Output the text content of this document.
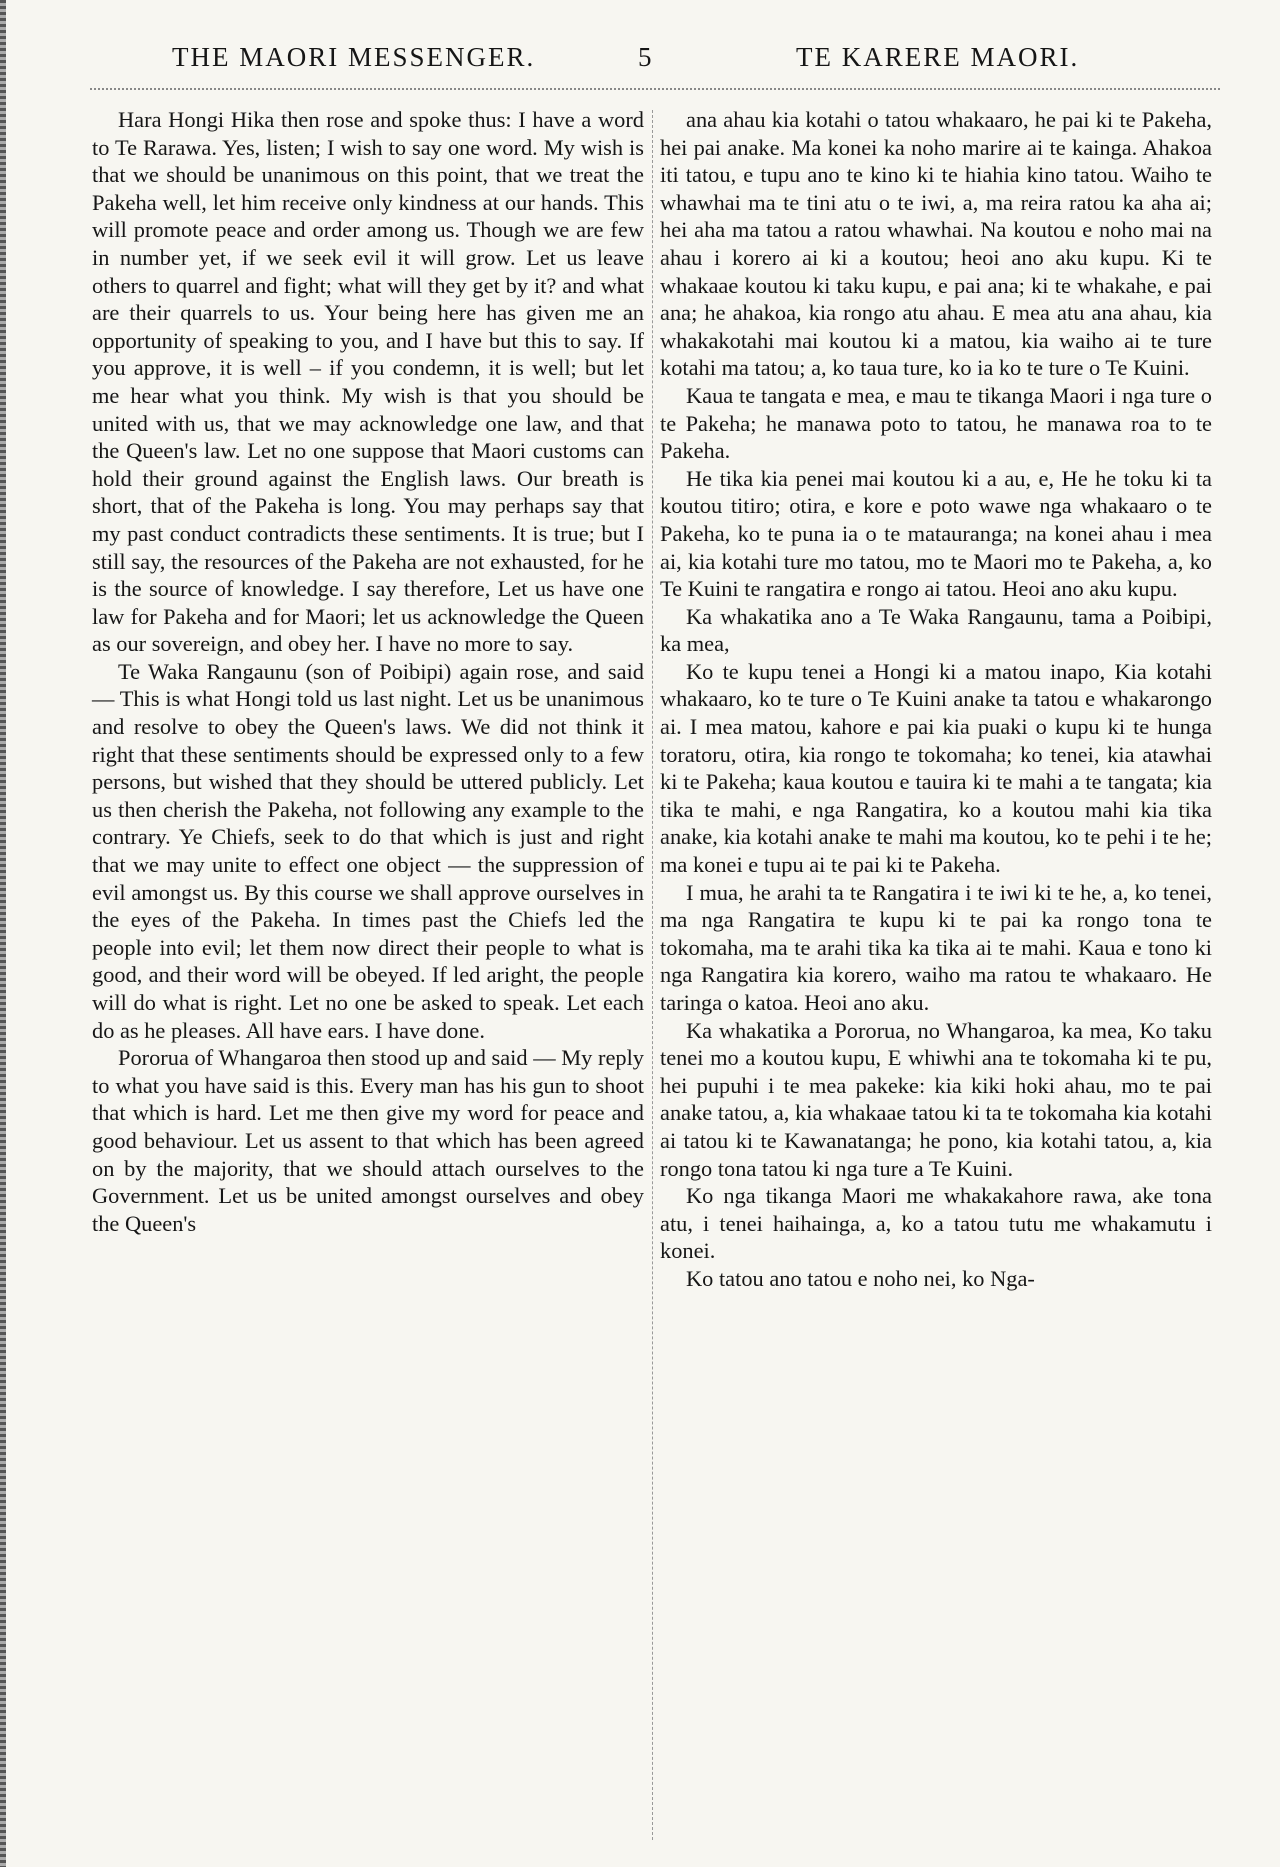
THE MAORI MESSENGER.	5	TE KARERE MAORI.

Hara Hongi Hika then rose and spoke thus: I have a word to Te Rarawa. Yes, listen; I wish to say one word. My wish is that we should be unanimous on this point, that we treat the Pakeha well, let him receive only kindness at our hands. This will promote peace and order among us. Though we are few in number yet, if we seek evil it will grow. Let us leave others to quarrel and fight; what will they get by it? and what are their quarrels to us. Your being here has given me an opportunity of speaking to you, and I have but this to say. If you approve, it is well – if you condemn, it is well; but let me hear what you think. My wish is that you should be united with us, that we may acknowledge one law, and that the Queen's law. Let no one suppose that Maori customs can hold their ground against the English laws. Our breath is short, that of the Pakeha is long. You may perhaps say that my past conduct contradicts these sentiments. It is true; but I still say, the resources of the Pakeha are not exhausted, for he is the source of knowledge. I say therefore, Let us have one law for Pakeha and for Maori; let us acknowledge the Queen as our sovereign, and obey her. I have no more to say.

Te Waka Rangaunu (son of Poibipi) again rose, and said — This is what Hongi told us last night. Let us be unanimous and resolve to obey the Queen's laws. We did not think it right that these sentiments should be expressed only to a few persons, but wished that they should be uttered publicly. Let us then cherish the Pakeha, not following any example to the contrary. Ye Chiefs, seek to do that which is just and right that we may unite to effect one object — the suppression of evil amongst us. By this course we shall approve ourselves in the eyes of the Pakeha. In times past the Chiefs led the people into evil; let them now direct their people to what is good, and their word will be obeyed. If led aright, the people will do what is right. Let no one be asked to speak. Let each do as he pleases. All have ears. I have done.

Pororua of Whangaroa then stood up and said — My reply to what you have said is this. Every man has his gun to shoot that which is hard. Let me then give my word for peace and good behaviour. Let us assent to that which has been agreed on by the majority, that we should attach ourselves to the Government. Let us be united amongst ourselves and obey the Queen's

ana ahau kia kotahi o tatou whakaaro, he pai ki te Pakeha, hei pai anake. Ma konei ka noho marire ai te kainga. Ahakoa iti tatou, e tupu ano te kino ki te hiahia kino tatou. Waiho te whawhai ma te tini atu o te iwi, a, ma reira ratou ka aha ai; hei aha ma tatou a ratou whawhai. Na koutou e noho mai na ahau i korero ai ki a koutou; heoi ano aku kupu. Ki te whakaae koutou ki taku kupu, e pai ana; ki te whakahe, e pai ana; he ahakoa, kia rongo atu ahau. E mea atu ana ahau, kia whakakotahi mai koutou ki a matou, kia waiho ai te ture kotahi ma tatou; a, ko taua ture, ko ia ko te ture o Te Kuini.

Kaua te tangata e mea, e mau te tikanga Maori i nga ture o te Pakeha; he manawa poto to tatou, he manawa roa to te Pakeha.

He tika kia penei mai koutou ki a au, e, He he toku ki ta koutou titiro; otira, e kore e poto wawe nga whakaaro o te Pakeha, ko te puna ia o te matauranga; na konei ahau i mea ai, kia kotahi ture mo tatou, mo te Maori mo te Pakeha, a, ko Te Kuini te rangatira e rongo ai tatou. Heoi ano aku kupu.

Ka whakatika ano a Te Waka Rangaunu, tama a Poibipi, ka mea,

Ko te kupu tenei a Hongi ki a matou inapo, Kia kotahi whakaaro, ko te ture o Te Kuini anake ta tatou e whakarongo ai. I mea matou, kahore e pai kia puaki o kupu ki te hunga toratoru, otira, kia rongo te tokomaha; ko tenei, kia atawhai ki te Pakeha; kaua koutou e tauira ki te mahi a te tangata; kia tika te mahi, e nga Rangatira, ko a koutou mahi kia tika anake, kia kotahi anake te mahi ma koutou, ko te pehi i te he; ma konei e tupu ai te pai ki te Pakeha.

I mua, he arahi ta te Rangatira i te iwi ki te he, a, ko tenei, ma nga Rangatira te kupu ki te pai ka rongo tona te tokomaha, ma te arahi tika ka tika ai te mahi. Kaua e tono ki nga Rangatira kia korero, waiho ma ratou te whakaaro. He taringa o katoa. Heoi ano aku.

Ka whakatika a Pororua, no Whangaroa, ka mea, Ko taku tenei mo a koutou kupu, E whiwhi ana te tokomaha ki te pu, hei pupuhi i te mea pakeke: kia kiki hoki ahau, mo te pai anake tatou, a, kia whakaae tatou ki ta te tokomaha kia kotahi ai tatou ki te Kawanatanga; he pono, kia kotahi tatou, a, kia rongo tona tatou ki nga ture a Te Kuini.

Ko nga tikanga Maori me whakakahore rawa, ake tona atu, i tenei haihainga, a, ko a tatou tutu me whakamutu i konei.

Ko tatou ano tatou e noho nei, ko Nga-
